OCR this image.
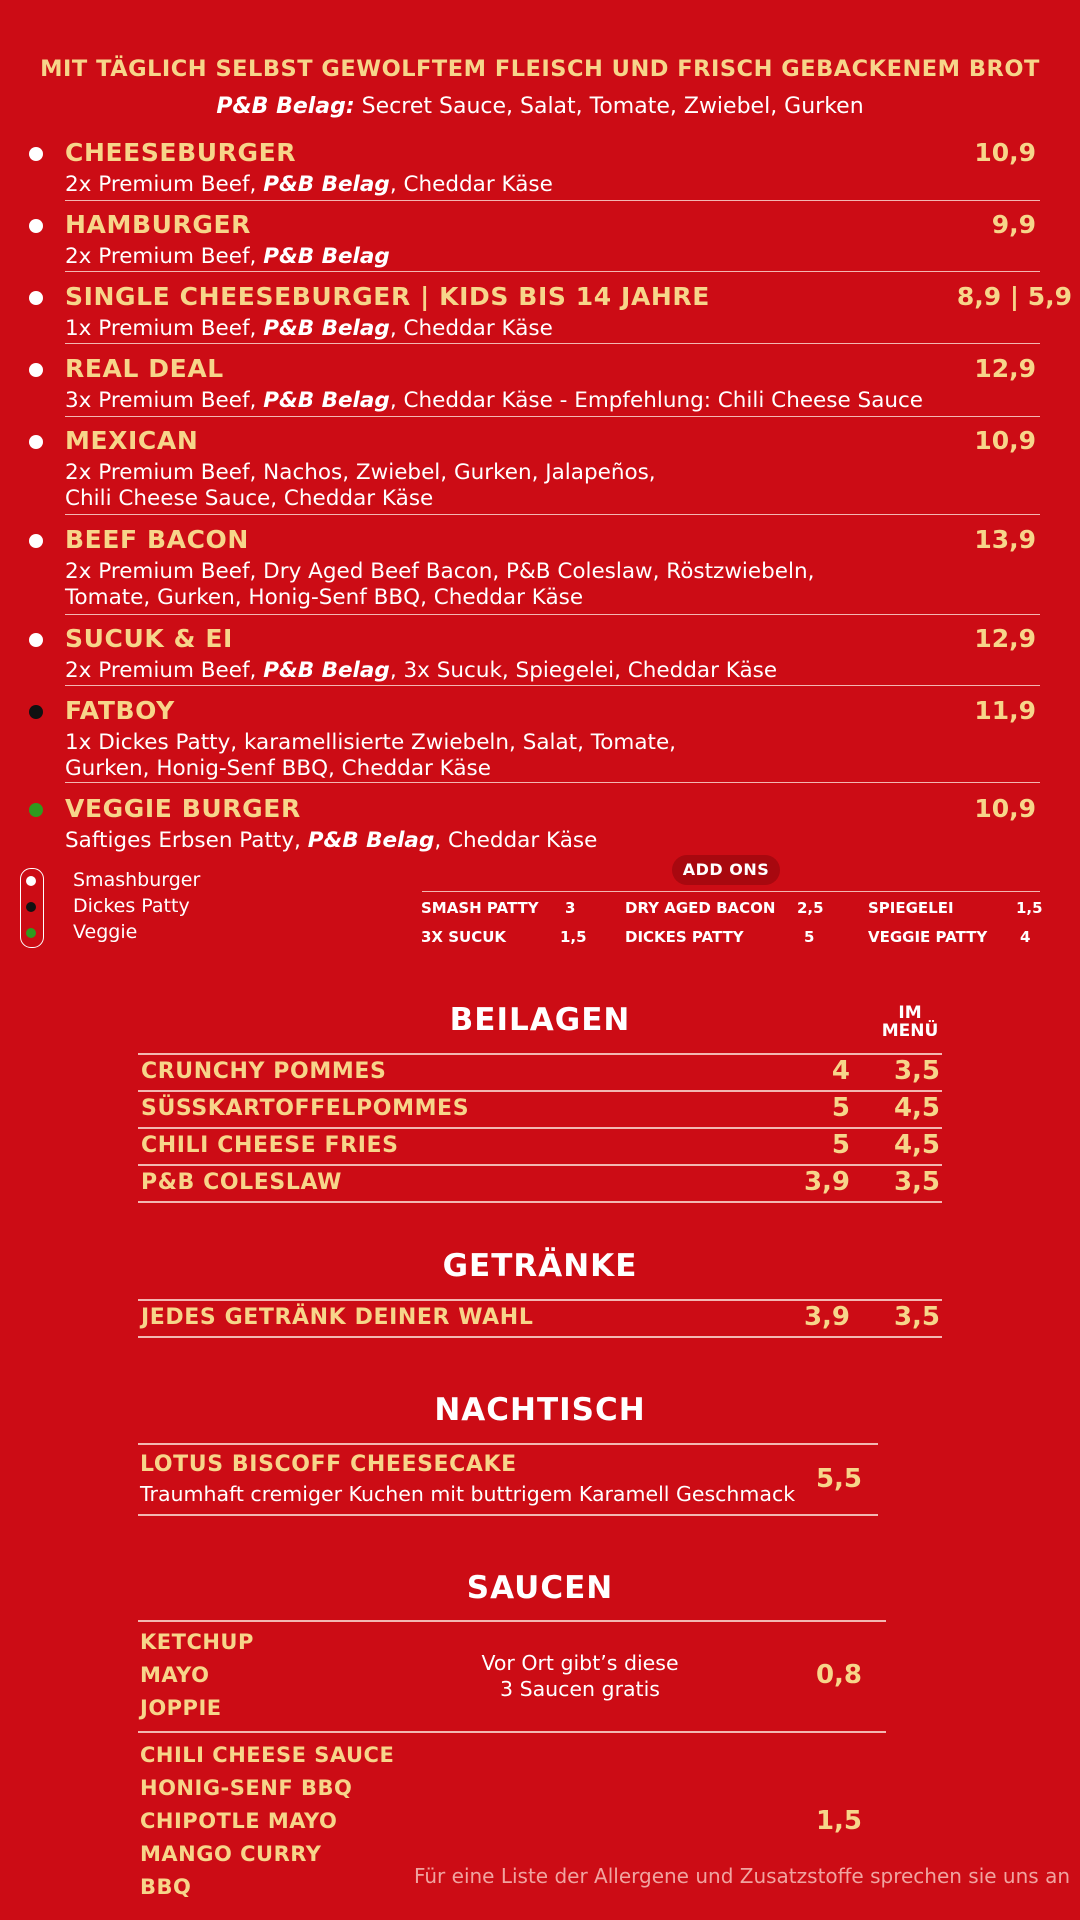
MIT TÄGLICH SELBST GEWOLFTEM FLEISCH UND FRISCH GEBACKENEM BROT
P&B Belag: Secret Sauce, Salat, Tomate, Zwiebel, Gurken
CHEESEBURGER	10,9
2x Premium Beef, P&B Belag, Cheddar Käse
HAMBURGER	9,9
2x Premium Beef, P&B Belag
SINGLE CHEESEBURGER | KIDS BIS 14 JAHRE	8,9 | 5,9
1x Premium Beef, P&B Belag, Cheddar Käse
REAL DEAL	12,9
3x Premium Beef, P&B Belag, Cheddar Käse - Empfehlung: Chili Cheese Sauce
MEXICAN	10,9
2x Premium Beef, Nachos, Zwiebel, Gurken, Jalapeños,
Chili Cheese Sauce, Cheddar Käse
BEEF BACON	13,9
2x Premium Beef, Dry Aged Beef Bacon, P&B Coleslaw, Röstzwiebeln,
Tomate, Gurken, Honig-Senf BBQ, Cheddar Käse
SUCUK & EI	12,9
2x Premium Beef, P&B Belag, 3x Sucuk, Spiegelei, Cheddar Käse
FATBOY	11,9
1x Dickes Patty, karamellisierte Zwiebeln, Salat, Tomate,
Gurken, Honig-Senf BBQ, Cheddar Käse
VEGGIE BURGER	10,9
Saftiges Erbsen Patty, P&B Belag, Cheddar Käse
Smashburger
Dickes Patty
Veggie
ADD ONS
SMASH PATTY 3	DRY AGED BACON 2,5	SPIEGELEI	1,5
3X SUCUK	1,5	DICKES PATTY	5	VEGGIE PATTY 4
BEILAGEN	IM
MENÜ
CRUNCHY POMMES	4	3,5
SÜSSKARTOFFELPOMMES	5	4,5
CHILI CHEESE FRIES	5	4,5
P&B COLESLAW	3,9	3,5
GETRÄNKE
JEDES GETRÄNK DEINER WAHL	3,9	3,5
NACHTISCH
LOTUS BISCOFF CHEESECAKE
Traumhaft cremiger Kuchen mit buttrigem Karamell Geschmack 5,5
SAUCEN
KETCHUP
MAYO
JOPPIE
Vor Ort gibt’s diese
3 Saucen gratis	0,8
CHILI CHEESE SAUCE
HONIG-SENF BBQ
CHIPOTLE MAYO
MANGO CURRY
BBQ
1,5
Für eine Liste der Allergene und Zusatzstoffe sprechen sie uns an
